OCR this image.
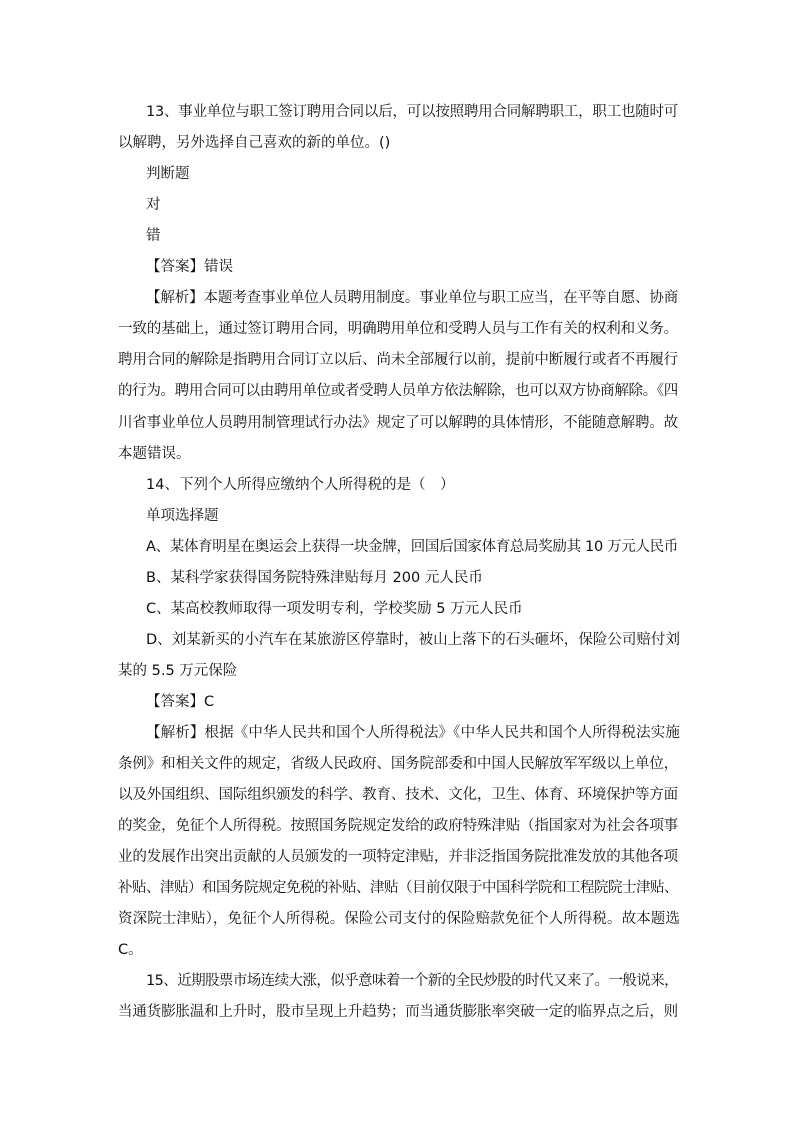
13、事业单位与职工签订聘用合同以后，可以按照聘用合同解聘职工，职工也随时可
以解聘，另外选择自己喜欢的新的单位。()
判断题
对
错
【答案】错误
【解析】本题考查事业单位人员聘用制度。事业单位与职工应当，在平等自愿、协商
一致的基础上，通过签订聘用合同，明确聘用单位和受聘人员与工作有关的权利和义务。
聘用合同的解除是指聘用合同订立以后、尚未全部履行以前，提前中断履行或者不再履行
的行为。聘用合同可以由聘用单位或者受聘人员单方依法解除，也可以双方协商解除。《四
川省事业单位人员聘用制管理试行办法》规定了可以解聘的具体情形，不能随意解聘。故
本题错误。
14、下列个人所得应缴纳个人所得税的是（　）
单项选择题
A、某体育明星在奥运会上获得一块金牌，回国后国家体育总局奖励其 10 万元人民币
B、某科学家获得国务院特殊津贴每月 200 元人民币
C、某高校教师取得一项发明专利，学校奖励 5 万元人民币
D、刘某新买的小汽车在某旅游区停靠时，被山上落下的石头砸坏，保险公司赔付刘
某的 5.5 万元保险
【答案】C
【解析】根据《中华人民共和国个人所得税法》《中华人民共和国个人所得税法实施
条例》和相关文件的规定，省级人民政府、国务院部委和中国人民解放军军级以上单位，
以及外国组织、国际组织颁发的科学、教育、技术、文化，卫生、体育、环境保护等方面
的奖金，免征个人所得税。按照国务院规定发给的政府特殊津贴（指国家对为社会各项事
业的发展作出突出贡献的人员颁发的一项特定津贴，并非泛指国务院批准发放的其他各项
补贴、津贴）和国务院规定免税的补贴、津贴（目前仅限于中国科学院和工程院院士津贴、
资深院士津贴），免征个人所得税。保险公司支付的保险赔款免征个人所得税。故本题选
C。
15、近期股票市场连续大涨，似乎意味着一个新的全民炒股的时代又来了。一般说来，
当通货膨胀温和上升时，股市呈现上升趋势；而当通货膨胀率突破一定的临界点之后，则
